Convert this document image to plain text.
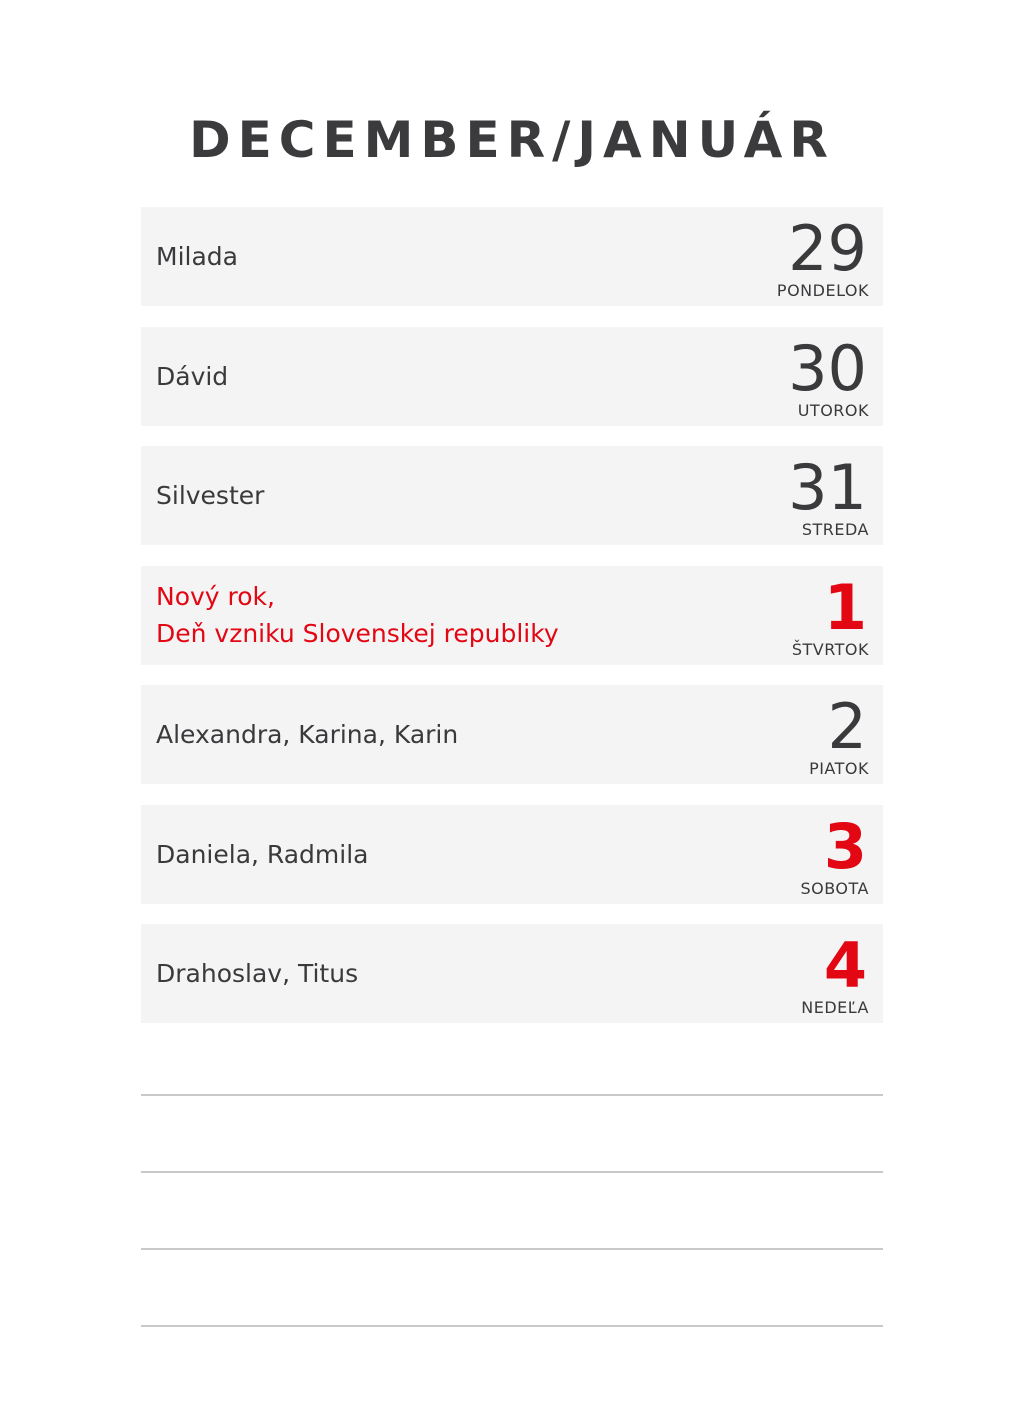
DECEMBER/JANUÁR
Milada	29
PONDELOK
Dávid	30
UTOROK
Silvester	31
STREDA
Nový rok,
Deň vzniku Slovenskej republiky	1
ŠTVRTOK
Alexandra, Karina, Karin	2
PIATOK
Daniela, Radmila	3
SOBOTA
Drahoslav, Titus	4
NEDEĽA
